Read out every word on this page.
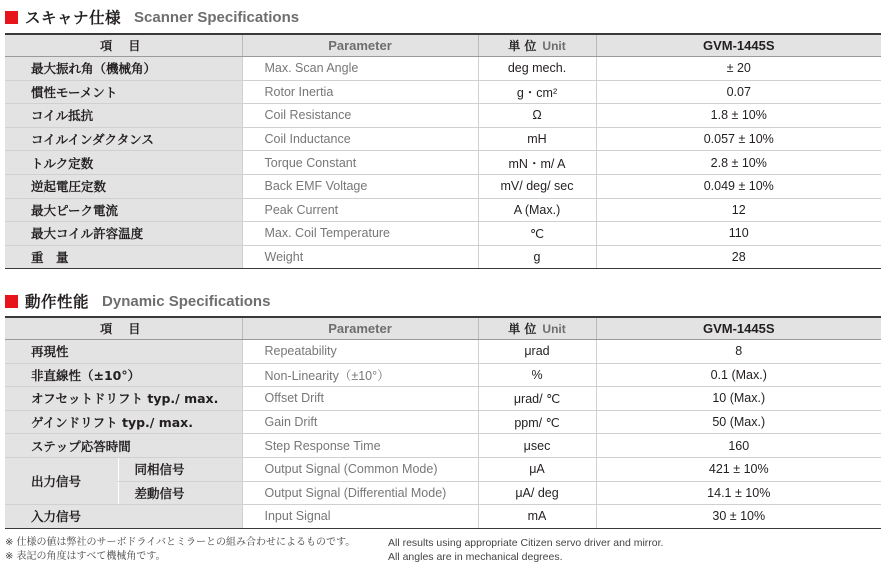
スキャナ仕様 Scanner Specifications
項 目	Parameter	単 位 Unit	GVM-1445S
最大振れ角（機械角）	Max. Scan Angle	deg mech.	± 20
慣性モーメント	Rotor Inertia	g・cm²	0.07
コイル抵抗	Coil Resistance	Ω	1.8 ± 10%
コイルインダクタンス	Coil Inductance	mH	0.057 ± 10%
トルク定数	Torque Constant	mN・m/ A	2.8 ± 10%
逆起電圧定数	Back EMF Voltage	mV/ deg/ sec	0.049 ± 10%
最大ピーク電流	Peak Current	A (Max.)	12
最大コイル許容温度	Max. Coil Temperature	℃	110
重　量	Weight	g	28
動作性能 Dynamic Specifications
項 目		Parameter	単 位 Unit	GVM-1445S
再現性		Repeatability	μrad	8
非直線性（±10°）		Non-Linearity（±10°）	%	0.1 (Max.)
オフセットドリフト typ./ max.		Offset Drift	μrad/ ℃	10 (Max.)
ゲインドリフト typ./ max.		Gain Drift	ppm/ ℃	50 (Max.)
ステップ応答時間		Step Response Time	μsec	160
出力信号	同相信号	Output Signal (Common Mode)	μA	421 ± 10%
	差動信号	Output Signal (Differential Mode)	μA/ deg	14.1 ± 10%
入力信号		Input Signal	mA	30 ± 10%
※ 仕様の値は弊社のサーボドライバとミラーとの組み合わせによるものです。
※ 表記の角度はすべて機械角です。
All results using appropriate Citizen servo driver and mirror.
All angles are in mechanical degrees.
